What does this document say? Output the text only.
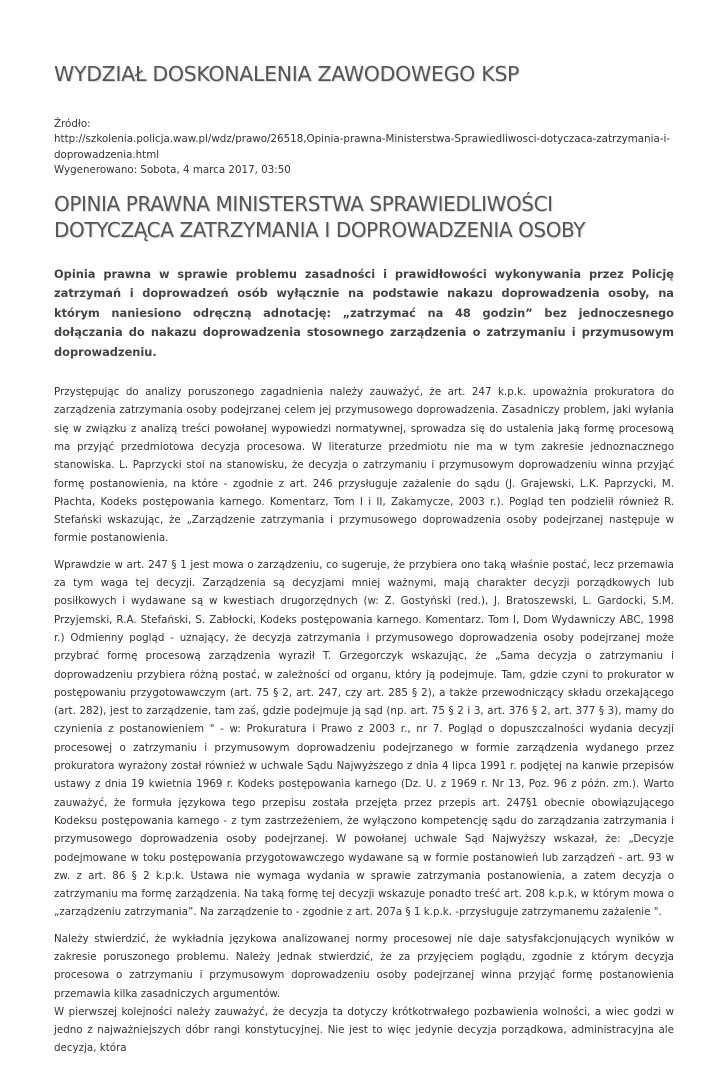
WYDZIAŁ DOSKONALENIA ZAWODOWEGO KSP

Źródło:

http://szkolenia.policja.waw.pl/wdz/prawo/26518,Opinia-prawna-Ministerstwa-Sprawiedliwosci-dotyczaca-zatrzymania-i-doprowadzenia.html

Wygenerowano: Sobota, 4 marca 2017, 03:50

OPINIA PRAWNA MINISTERSTWA SPRAWIEDLIWOŚCI DOTYCZĄCA ZATRZYMANIA I DOPROWADZENIA OSOBY

Opinia prawna w sprawie problemu zasadności i prawidłowości wykonywania przez Policję zatrzymań i doprowadzeń osób wyłącznie na podstawie nakazu doprowadzenia osoby, na którym naniesiono odręczną adnotację: „zatrzymać na 48 godzin” bez jednoczesnego dołączania do nakazu doprowadzenia stosownego zarządzenia o zatrzymaniu i przymusowym doprowadzeniu.

Przystępując do analizy poruszonego zagadnienia należy zauważyć, że art. 247 k.p.k. upoważnia prokuratora do zarządzenia zatrzymania osoby podejrzanej celem jej przymusowego doprowadzenia. Zasadniczy problem, jaki wyłania się w związku z analizą treści powołanej wypowiedzi normatywnej, sprowadza się do ustalenia jaką formę procesową ma przyjąć przedmiotowa decyzja procesowa. W literaturze przedmiotu nie ma w tym zakresie jednoznacznego stanowiska. L. Paprzycki stoi na stanowisku, że decyzja o zatrzymaniu i przymusowym doprowadzeniu winna przyjąć formę postanowienia, na które - zgodnie z art. 246 przysługuje zażalenie do sądu (J. Grajewski, L.K. Paprzycki, M. Płachta, Kodeks postępowania karnego. Komentarz, Tom I i II, Zakamycze, 2003 r.). Pogląd ten podzielił również R. Stefański wskazując, że „Zarządzenie zatrzymania i przymusowego doprowadzenia osoby podejrzanej następuje w formie postanowienia.

Wprawdzie w art. 247 § 1 jest mowa o zarządzeniu, co sugeruje, że przybiera ono taką właśnie postać, lecz przemawia za tym waga tej decyzji. Zarządzenia są decyzjami mniej ważnymi, mają charakter decyzji porządkowych lub posiłkowych i wydawane są w kwestiach drugorzędnych (w: Z. Gostyński (red.), J. Bratoszewski, L. Gardocki, S.M. Przyjemski, R.A. Stefański, S. Zabłocki, Kodeks postępowania karnego. Komentarz. Tom I, Dom Wydawniczy ABC, 1998 r.) Odmienny pogląd - uznający, że decyzja zatrzymania i przymusowego doprowadzenia osoby podejrzanej może przybrać formę procesową zarządzenia wyraził T. Grzegorczyk wskazując, że „Sama decyzja o zatrzymaniu i doprowadzeniu przybiera różną postać, w zależności od organu, który ją podejmuje. Tam, gdzie czyni to prokurator w postępowaniu przygotowawczym (art. 75 § 2, art. 247, czy art. 285 § 2), a także przewodniczący składu orzekającego (art. 282), jest to zarządzenie, tam zaś, gdzie podejmuje ją sąd (np. art. 75 § 2 i 3, art. 376 § 2, art. 377 § 3), mamy do czynienia z postanowieniem " - w: Prokuratura i Prawo z 2003 r., nr 7. Pogląd o dopuszczalności wydania decyzji procesowej o zatrzymaniu i przymusowym doprowadzeniu podejrzanego w formie zarządzenia wydanego przez prokuratora wyrażony został również w uchwale Sądu Najwyższego z dnia 4 lipca 1991 r. podjętej na kanwie przepisów ustawy z dnia 19 kwietnia 1969 r. Kodeks postępowania karnego (Dz. U. z 1969 r. Nr 13, Poz. 96 z późn. zm.). Warto zauważyć, że formuła językowa tego przepisu została przejęta przez przepis art. 247§1 obecnie obowiązującego Kodeksu postępowania karnego - z tym zastrzeżeniem, że wyłączono kompetencję sądu do zarządzania zatrzymania i przymusowego doprowadzenia osoby podejrzanej. W powołanej uchwale Sąd Najwyższy wskazał, że: „Decyzje podejmowane w toku postępowania przygotowawczego wydawane są w formie postanowień lub zarządzeń - art. 93 w zw. z art. 86 § 2 k.p.k. Ustawa nie wymaga wydania w sprawie zatrzymania postanowienia, a zatem decyzja o zatrzymaniu ma formę zarządzenia. Na taką formę tej decyzji wskazuje ponadto treść art. 208 k.p.k, w którym mowa o „zarządzeniu zatrzymania”. Na zarządzenie to - zgodnie z art. 207a § 1 k.p.k. -przysługuje zatrzymanemu zażalenie ".

Należy stwierdzić, że wykładnia językowa analizowanej normy procesowej nie daje satysfakcjonujących wyników w zakresie poruszonego problemu. Należy jednak stwierdzić, że za przyjęciem poglądu, zgodnie z którym decyzja procesowa o zatrzymaniu i przymusowym doprowadzeniu osoby podejrzanej winna przyjąć formę postanowienia przemawia kilka zasadniczych argumentów.

W pierwszej kolejności należy zauważyć, że decyzja ta dotyczy krótkotrwałego pozbawienia wolności, a wiec godzi w jedno z najważniejszych dóbr rangi konstytucyjnej. Nie jest to więc jedynie decyzja porządkowa, administracyjna ale decyzja, która
